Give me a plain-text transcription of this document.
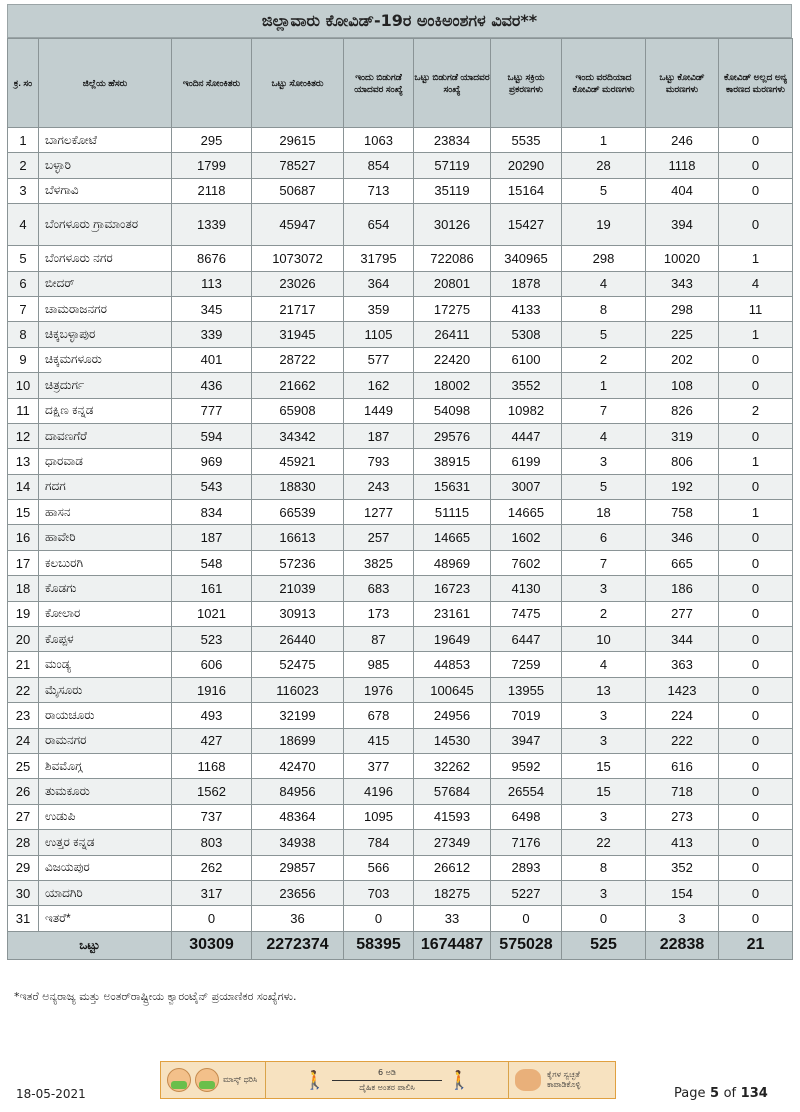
ಜಿಲ್ಲಾವಾರು ಕೋವಿಡ್-19ರ ಅಂಕಿಅಂಶಗಳ ವಿವರ**
ಕ್ರ. ಸಂ	ಜಿಲ್ಲೆಯ ಹೆಸರು	ಇಂದಿನ ಸೋಂಕಿತರು	ಒಟ್ಟು ಸೋಂಕಿತರು	ಇಂದು ಬಿಡುಗಡೆ ಯಾದವರ ಸಂಖ್ಯೆ	ಒಟ್ಟು ಬಿಡುಗಡೆ ಯಾದವರ ಸಂಖ್ಯೆ	ಒಟ್ಟು ಸಕ್ರಿಯ ಪ್ರಕರಣಗಳು	ಇಂದು ವರದಿಯಾದ ಕೋವಿಡ್ ಮರಣಗಳು	ಒಟ್ಟು ಕೋವಿಡ್ ಮರಣಗಳು	ಕೋವಿಡ್ ಅಲ್ಲದ ಅನ್ಯ ಕಾರಣದ ಮರಣಗಳು
1	ಬಾಗಲಕೋಟೆ	295	29615	1063	23834	5535	1	246	0
2	ಬಳ್ಳಾರಿ	1799	78527	854	57119	20290	28	1118	0
3	ಬೆಳಗಾವಿ	2118	50687	713	35119	15164	5	404	0
4	ಬೆಂಗಳೂರು ಗ್ರಾಮಾಂತರ	1339	45947	654	30126	15427	19	394	0
5	ಬೆಂಗಳೂರು ನಗರ	8676	1073072	31795	722086	340965	298	10020	1
6	ಬೀದರ್	113	23026	364	20801	1878	4	343	4
7	ಚಾಮರಾಜನಗರ	345	21717	359	17275	4133	8	298	11
8	ಚಿಕ್ಕಬಳ್ಳಾಪುರ	339	31945	1105	26411	5308	5	225	1
9	ಚಿಕ್ಕಮಗಳೂರು	401	28722	577	22420	6100	2	202	0
10	ಚಿತ್ರದುರ್ಗ	436	21662	162	18002	3552	1	108	0
11	ದಕ್ಷಿಣ ಕನ್ನಡ	777	65908	1449	54098	10982	7	826	2
12	ದಾವಣಗೆರೆ	594	34342	187	29576	4447	4	319	0
13	ಧಾರವಾಡ	969	45921	793	38915	6199	3	806	1
14	ಗದಗ	543	18830	243	15631	3007	5	192	0
15	ಹಾಸನ	834	66539	1277	51115	14665	18	758	1
16	ಹಾವೇರಿ	187	16613	257	14665	1602	6	346	0
17	ಕಲಬುರಗಿ	548	57236	3825	48969	7602	7	665	0
18	ಕೊಡಗು	161	21039	683	16723	4130	3	186	0
19	ಕೋಲಾರ	1021	30913	173	23161	7475	2	277	0
20	ಕೊಪ್ಪಳ	523	26440	87	19649	6447	10	344	0
21	ಮಂಡ್ಯ	606	52475	985	44853	7259	4	363	0
22	ಮೈಸೂರು	1916	116023	1976	100645	13955	13	1423	0
23	ರಾಯಚೂರು	493	32199	678	24956	7019	3	224	0
24	ರಾಮನಗರ	427	18699	415	14530	3947	3	222	0
25	ಶಿವಮೊಗ್ಗ	1168	42470	377	32262	9592	15	616	0
26	ತುಮಕೂರು	1562	84956	4196	57684	26554	15	718	0
27	ಉಡುಪಿ	737	48364	1095	41593	6498	3	273	0
28	ಉತ್ತರ ಕನ್ನಡ	803	34938	784	27349	7176	22	413	0
29	ವಿಜಯಪುರ	262	29857	566	26612	2893	8	352	0
30	ಯಾದಗಿರಿ	317	23656	703	18275	5227	3	154	0
31	ಇತರೆ*	0	36	0	33	0	0	3	0
ಒಟ್ಟು		30309	2272374	58395	1674487	575028	525	22838	21
*ಇತರೆ ಅನ್ಯರಾಜ್ಯ ಮತ್ತು ಅಂತರ್‌ರಾಷ್ಟ್ರೀಯ ಕ್ವಾರಂಟೈನ್ ಪ್ರಯಾಣಿಕರ ಸಂಖ್ಯೆಗಳು.
ಮಾಸ್ಕ್ ಧರಿಸಿ	🚶	6 ಅಡಿ
ದೈಹಿಕ ಅಂತರ ಪಾಲಿಸಿ 🚶	ಕೈಗಳ ಸ್ವಚ್ಛತೆ ಕಾಪಾಡಿಕೊಳ್ಳಿ
18-05-2021	Page 5 of 134
